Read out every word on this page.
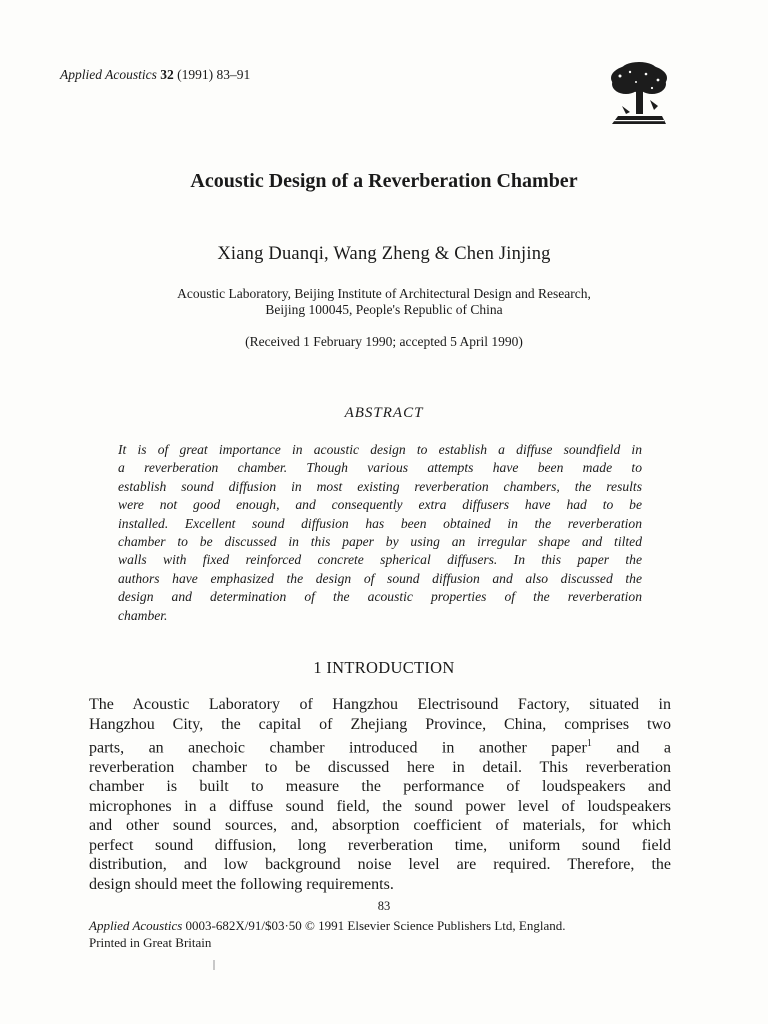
Applied Acoustics 32 (1991) 83–91
Acoustic Design of a Reverberation Chamber
Xiang Duanqi, Wang Zheng & Chen Jinjing
Acoustic Laboratory, Beijing Institute of Architectural Design and Research,
Beijing 100045, People's Republic of China
(Received 1 February 1990; accepted 5 April 1990)
ABSTRACT
It is of great importance in acoustic design to establish a diffuse soundfield in
a reverberation chamber. Though various attempts have been made to
establish sound diffusion in most existing reverberation chambers, the results
were not good enough, and consequently extra diffusers have had to be
installed. Excellent sound diffusion has been obtained in the reverberation
chamber to be discussed in this paper by using an irregular shape and tilted
walls with fixed reinforced concrete spherical diffusers. In this paper the
authors have emphasized the design of sound diffusion and also discussed the
design and determination of the acoustic properties of the reverberation
chamber.
1 INTRODUCTION
The Acoustic Laboratory of Hangzhou Electrisound Factory, situated in
Hangzhou City, the capital of Zhejiang Province, China, comprises two
parts, an anechoic chamber introduced in another paper$^1$ and a
reverberation chamber to be discussed here in detail. This reverberation
chamber is built to measure the performance of loudspeakers and
microphones in a diffuse sound field, the sound power level of loudspeakers
and other sound sources, and, absorption coefficient of materials, for which
perfect sound diffusion, long reverberation time, uniform sound field
distribution, and low background noise level are required. Therefore, the
design should meet the following requirements.
83
Applied Acoustics 0003-682X/91/$03·50 © 1991 Elsevier Science Publishers Ltd, England.
Printed in Great Britain
